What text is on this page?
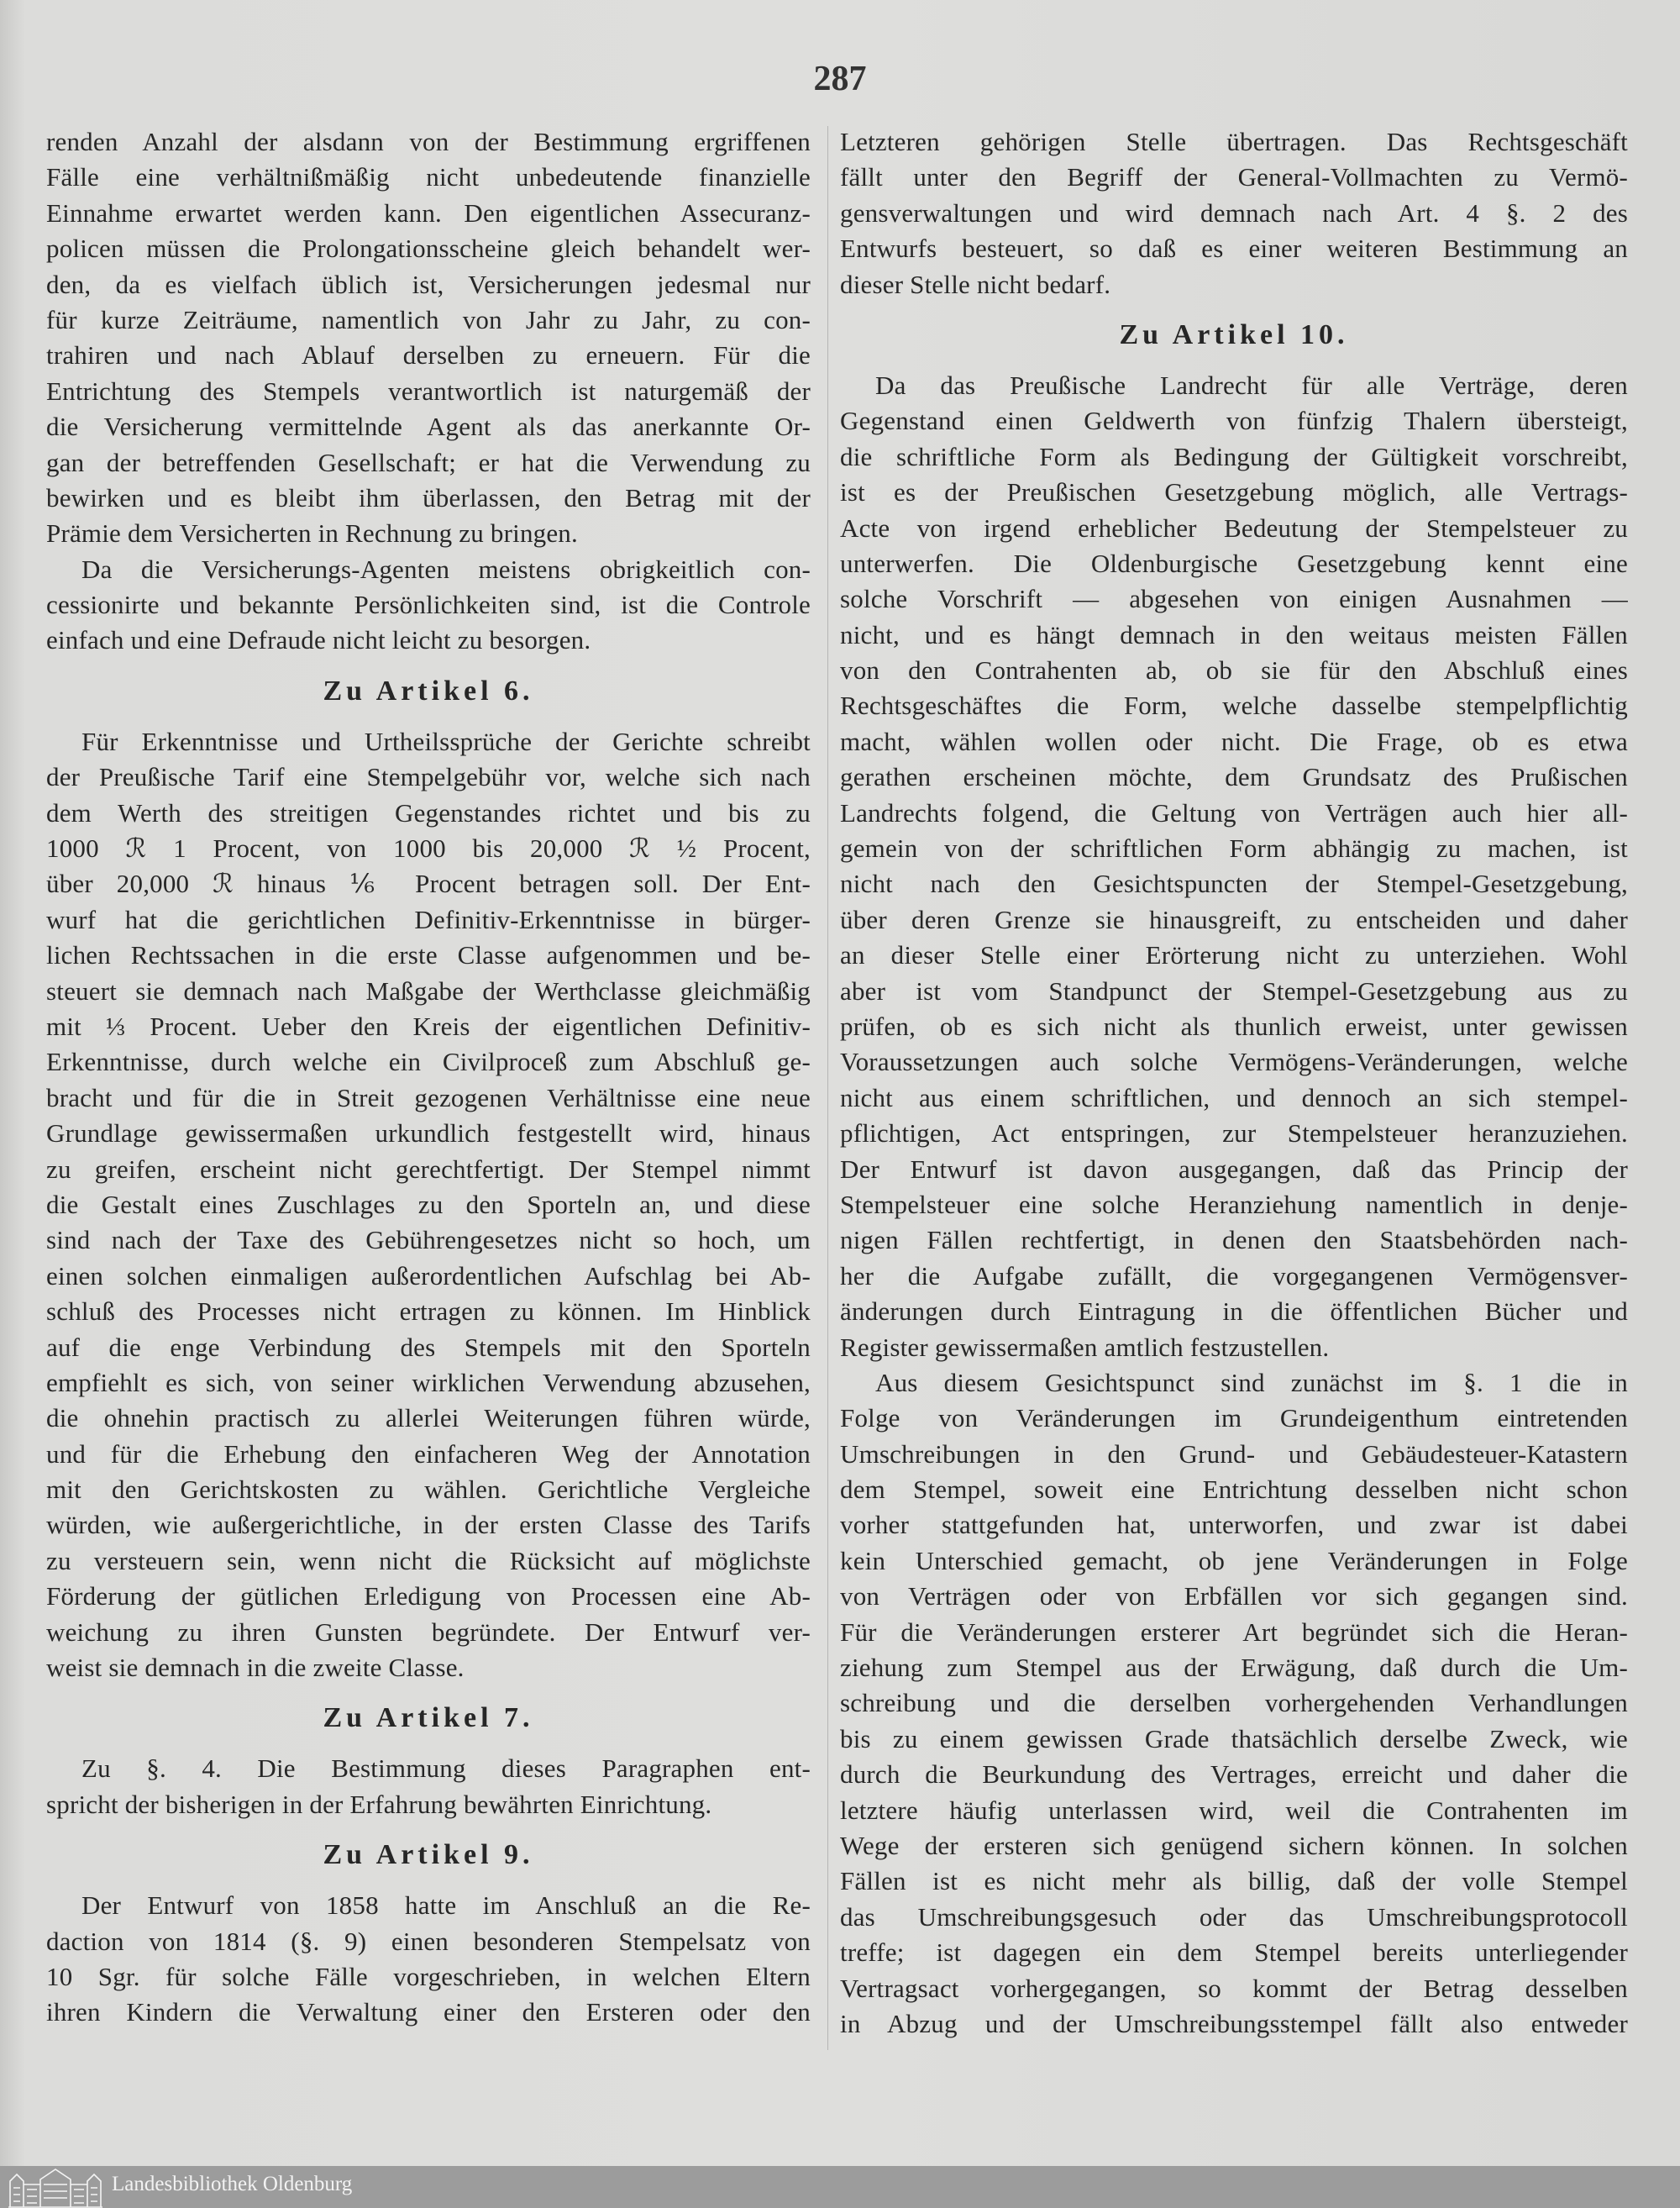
287
renden Anzahl der alsdann von der Bestimmung ergriffenen
Fälle eine verhältnißmäßig nicht unbedeutende finanzielle
Einnahme erwartet werden kann. Den eigentlichen Assecuranz-
policen müssen die Prolongationsscheine gleich behandelt wer-
den, da es vielfach üblich ist, Versicherungen jedesmal nur
für kurze Zeiträume, namentlich von Jahr zu Jahr, zu con-
trahiren und nach Ablauf derselben zu erneuern. Für die
Entrichtung des Stempels verantwortlich ist naturgemäß der
die Versicherung vermittelnde Agent als das anerkannte Or-
gan der betreffenden Gesellschaft; er hat die Verwendung zu
bewirken und es bleibt ihm überlassen, den Betrag mit der
Prämie dem Versicherten in Rechnung zu bringen.
Da die Versicherungs-Agenten meistens obrigkeitlich con-
cessionirte und bekannte Persönlichkeiten sind, ist die Controle
einfach und eine Defraude nicht leicht zu besorgen.
Zu Artikel 6.
Für Erkenntnisse und Urtheilssprüche der Gerichte schreibt
der Preußische Tarif eine Stempelgebühr vor, welche sich nach
dem Werth des streitigen Gegenstandes richtet und bis zu
1000 ℛ 1 Procent, von 1000 bis 20,000 ℛ ½ Procent,
über 20,000 ℛ hinaus ⅙ Procent betragen soll. Der Ent-
wurf hat die gerichtlichen Definitiv-Erkenntnisse in bürger-
lichen Rechtssachen in die erste Classe aufgenommen und be-
steuert sie demnach nach Maßgabe der Werthclasse gleichmäßig
mit ⅓ Procent. Ueber den Kreis der eigentlichen Definitiv-
Erkenntnisse, durch welche ein Civilproceß zum Abschluß ge-
bracht und für die in Streit gezogenen Verhältnisse eine neue
Grundlage gewissermaßen urkundlich festgestellt wird, hinaus
zu greifen, erscheint nicht gerechtfertigt. Der Stempel nimmt
die Gestalt eines Zuschlages zu den Sporteln an, und diese
sind nach der Taxe des Gebührengesetzes nicht so hoch, um
einen solchen einmaligen außerordentlichen Aufschlag bei Ab-
schluß des Processes nicht ertragen zu können. Im Hinblick
auf die enge Verbindung des Stempels mit den Sporteln
empfiehlt es sich, von seiner wirklichen Verwendung abzusehen,
die ohnehin practisch zu allerlei Weiterungen führen würde,
und für die Erhebung den einfacheren Weg der Annotation
mit den Gerichtskosten zu wählen. Gerichtliche Vergleiche
würden, wie außergerichtliche, in der ersten Classe des Tarifs
zu versteuern sein, wenn nicht die Rücksicht auf möglichste
Förderung der gütlichen Erledigung von Processen eine Ab-
weichung zu ihren Gunsten begründete. Der Entwurf ver-
weist sie demnach in die zweite Classe.
Zu Artikel 7.
Zu §. 4. Die Bestimmung dieses Paragraphen ent-
spricht der bisherigen in der Erfahrung bewährten Einrichtung.
Zu Artikel 9.
Der Entwurf von 1858 hatte im Anschluß an die Re-
daction von 1814 (§. 9) einen besonderen Stempelsatz von
10 Sgr. für solche Fälle vorgeschrieben, in welchen Eltern
ihren Kindern die Verwaltung einer den Ersteren oder den
Letzteren gehörigen Stelle übertragen. Das Rechtsgeschäft
fällt unter den Begriff der General-Vollmachten zu Vermö-
gensverwaltungen und wird demnach nach Art. 4 §. 2 des
Entwurfs besteuert, so daß es einer weiteren Bestimmung an
dieser Stelle nicht bedarf.
Zu Artikel 10.
Da das Preußische Landrecht für alle Verträge, deren
Gegenstand einen Geldwerth von fünfzig Thalern übersteigt,
die schriftliche Form als Bedingung der Gültigkeit vorschreibt,
ist es der Preußischen Gesetzgebung möglich, alle Vertrags-
Acte von irgend erheblicher Bedeutung der Stempelsteuer zu
unterwerfen. Die Oldenburgische Gesetzgebung kennt eine
solche Vorschrift — abgesehen von einigen Ausnahmen —
nicht, und es hängt demnach in den weitaus meisten Fällen
von den Contrahenten ab, ob sie für den Abschluß eines
Rechtsgeschäftes die Form, welche dasselbe stempelpflichtig
macht, wählen wollen oder nicht. Die Frage, ob es etwa
gerathen erscheinen möchte, dem Grundsatz des Prußischen
Landrechts folgend, die Geltung von Verträgen auch hier all-
gemein von der schriftlichen Form abhängig zu machen, ist
nicht nach den Gesichtspuncten der Stempel-Gesetzgebung,
über deren Grenze sie hinausgreift, zu entscheiden und daher
an dieser Stelle einer Erörterung nicht zu unterziehen. Wohl
aber ist vom Standpunct der Stempel-Gesetzgebung aus zu
prüfen, ob es sich nicht als thunlich erweist, unter gewissen
Voraussetzungen auch solche Vermögens-Veränderungen, welche
nicht aus einem schriftlichen, und dennoch an sich stempel-
pflichtigen, Act entspringen, zur Stempelsteuer heranzuziehen.
Der Entwurf ist davon ausgegangen, daß das Princip der
Stempelsteuer eine solche Heranziehung namentlich in denje-
nigen Fällen rechtfertigt, in denen den Staatsbehörden nach-
her die Aufgabe zufällt, die vorgegangenen Vermögensver-
änderungen durch Eintragung in die öffentlichen Bücher und
Register gewissermaßen amtlich festzustellen.
Aus diesem Gesichtspunct sind zunächst im §. 1 die in
Folge von Veränderungen im Grundeigenthum eintretenden
Umschreibungen in den Grund- und Gebäudesteuer-Katastern
dem Stempel, soweit eine Entrichtung desselben nicht schon
vorher stattgefunden hat, unterworfen, und zwar ist dabei
kein Unterschied gemacht, ob jene Veränderungen in Folge
von Verträgen oder von Erbfällen vor sich gegangen sind.
Für die Veränderungen ersterer Art begründet sich die Heran-
ziehung zum Stempel aus der Erwägung, daß durch die Um-
schreibung und die derselben vorhergehenden Verhandlungen
bis zu einem gewissen Grade thatsächlich derselbe Zweck, wie
durch die Beurkundung des Vertrages, erreicht und daher die
letztere häufig unterlassen wird, weil die Contrahenten im
Wege der ersteren sich genügend sichern können. In solchen
Fällen ist es nicht mehr als billig, daß der volle Stempel
das Umschreibungsgesuch oder das Umschreibungsprotocoll
treffe; ist dagegen ein dem Stempel bereits unterliegender
Vertragsact vorhergegangen, so kommt der Betrag desselben
in Abzug und der Umschreibungsstempel fällt also entweder
Landesbibliothek Oldenburg
